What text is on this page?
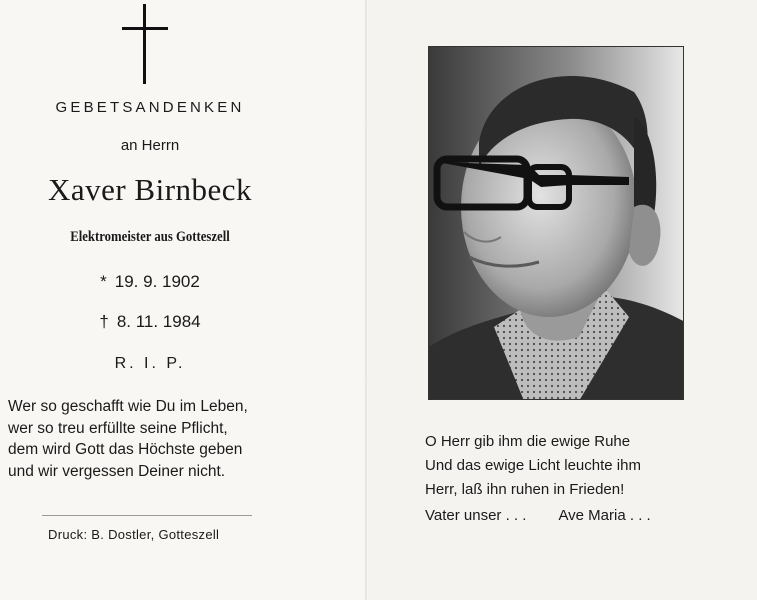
GEBETSANDENKEN
an Herrn
Xaver Birnbeck
Elektromeister aus Gotteszell
* 19. 9. 1902
† 8. 11. 1984
R. I. P.
Wer so geschafft wie Du im Leben,
wer so treu erfüllte seine Pflicht,
dem wird Gott das Höchste geben
und wir vergessen Deiner nicht.
Druck: B. Dostler, Gotteszell
O Herr gib ihm die ewige Ruhe
Und das ewige Licht leuchte ihm
Herr, laß ihn ruhen in Frieden!
Vater unser . . . Ave Maria . . .
